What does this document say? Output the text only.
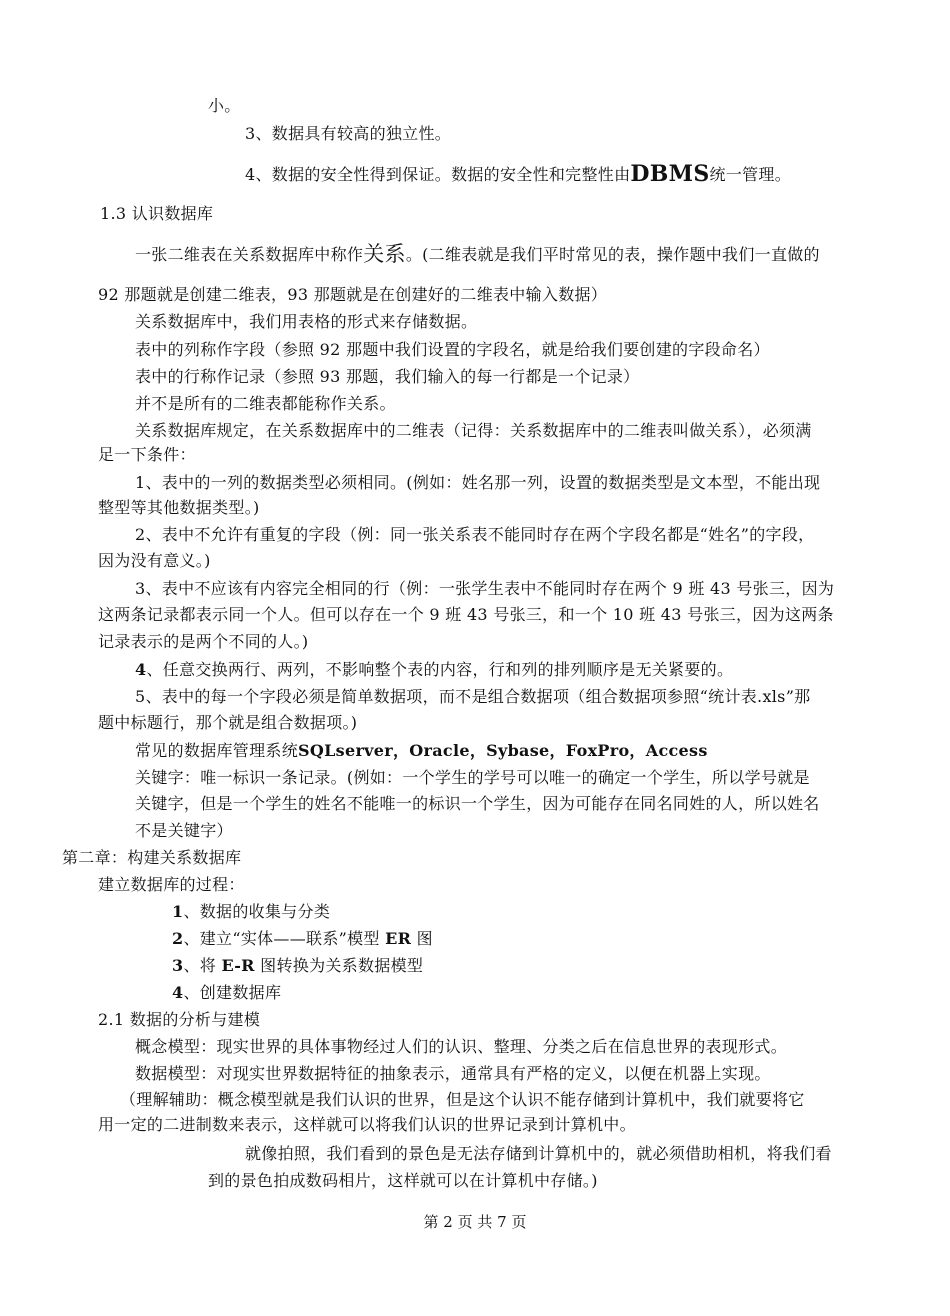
小。
3、数据具有较高的独立性。
4、数据的安全性得到保证。数据的安全性和完整性由DBMS统一管理。
1.3 认识数据库
一张二维表在关系数据库中称作关系。(二维表就是我们平时常见的表，操作题中我们一直做的
92 那题就是创建二维表，93 那题就是在创建好的二维表中输入数据）
关系数据库中，我们用表格的形式来存储数据。
表中的列称作字段（参照 92 那题中我们设置的字段名，就是给我们要创建的字段命名）
表中的行称作记录（参照 93 那题，我们输入的每一行都是一个记录）
并不是所有的二维表都能称作关系。
关系数据库规定，在关系数据库中的二维表（记得：关系数据库中的二维表叫做关系），必须满
足一下条件：
1、表中的一列的数据类型必须相同。(例如：姓名那一列，设置的数据类型是文本型，不能出现
整型等其他数据类型。)
2、表中不允许有重复的字段（例：同一张关系表不能同时存在两个字段名都是“姓名”的字段，
因为没有意义。)
3、表中不应该有内容完全相同的行（例：一张学生表中不能同时存在两个 9 班 43 号张三，因为
这两条记录都表示同一个人。但可以存在一个 9 班 43 号张三，和一个 10 班 43 号张三，因为这两条
记录表示的是两个不同的人。)
4、任意交换两行、两列，不影响整个表的内容，行和列的排列顺序是无关紧要的。
5、表中的每一个字段必须是简单数据项，而不是组合数据项（组合数据项参照“统计表.xls”那
题中标题行，那个就是组合数据项。)
常见的数据库管理系统SQLserver，Oracle，Sybase，FoxPro，Access
关键字：唯一标识一条记录。(例如：一个学生的学号可以唯一的确定一个学生，所以学号就是
关键字，但是一个学生的姓名不能唯一的标识一个学生，因为可能存在同名同姓的人，所以姓名
不是关键字）
第二章：构建关系数据库
建立数据库的过程：
1、数据的收集与分类
2、建立“实体——联系”模型 ER 图
3、将 E-R 图转换为关系数据模型
4、创建数据库
2.1 数据的分析与建模
概念模型：现实世界的具体事物经过人们的认识、整理、分类之后在信息世界的表现形式。
数据模型：对现实世界数据特征的抽象表示，通常具有严格的定义，以便在机器上实现。
（理解辅助：概念模型就是我们认识的世界，但是这个认识不能存储到计算机中，我们就要将它
用一定的二进制数来表示，这样就可以将我们认识的世界记录到计算机中。
就像拍照，我们看到的景色是无法存储到计算机中的，就必须借助相机，将我们看
到的景色拍成数码相片，这样就可以在计算机中存储。)
第 2 页 共 7 页
